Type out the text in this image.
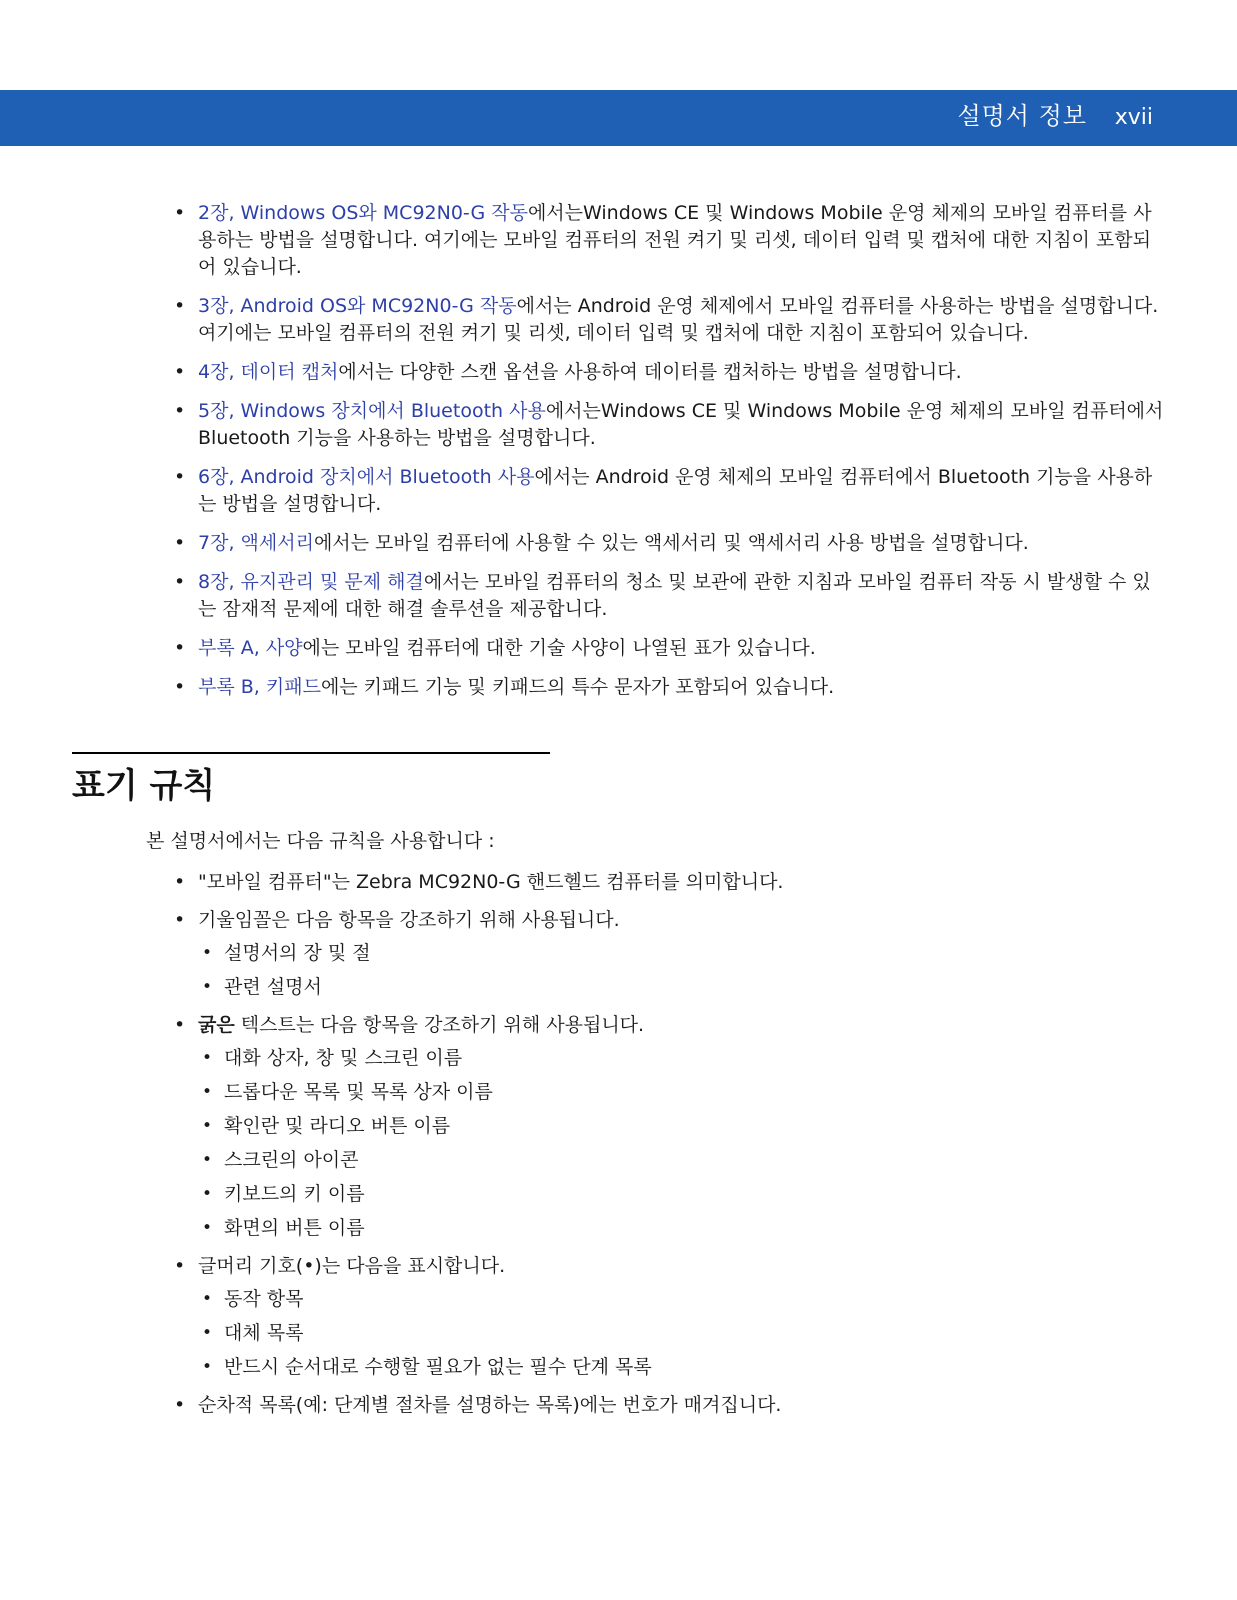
설명서 정보 xvii
• 2장, Windows OS와 MC92N0-G 작동에서는Windows CE 및 Windows Mobile 운영 체제의 모바일 컴퓨터를 사용하는 방법을 설명합니다. 여기에는 모바일 컴퓨터의 전원 켜기 및 리셋, 데이터 입력 및 캡처에 대한 지침이 포함되어 있습니다.
• 3장, Android OS와 MC92N0-G 작동에서는 Android 운영 체제에서 모바일 컴퓨터를 사용하는 방법을 설명합니다. 여기에는 모바일 컴퓨터의 전원 켜기 및 리셋, 데이터 입력 및 캡처에 대한 지침이 포함되어 있습니다.
• 4장, 데이터 캡처에서는 다양한 스캔 옵션을 사용하여 데이터를 캡처하는 방법을 설명합니다.
• 5장, Windows 장치에서 Bluetooth 사용에서는Windows CE 및 Windows Mobile 운영 체제의 모바일 컴퓨터에서 Bluetooth 기능을 사용하는 방법을 설명합니다.
• 6장, Android 장치에서 Bluetooth 사용에서는 Android 운영 체제의 모바일 컴퓨터에서 Bluetooth 기능을 사용하는 방법을 설명합니다.
• 7장, 액세서리에서는 모바일 컴퓨터에 사용할 수 있는 액세서리 및 액세서리 사용 방법을 설명합니다.
• 8장, 유지관리 및 문제 해결에서는 모바일 컴퓨터의 청소 및 보관에 관한 지침과 모바일 컴퓨터 작동 시 발생할 수 있는 잠재적 문제에 대한 해결 솔루션을 제공합니다.
• 부록 A, 사양에는 모바일 컴퓨터에 대한 기술 사양이 나열된 표가 있습니다.
• 부록 B, 키패드에는 키패드 기능 및 키패드의 특수 문자가 포함되어 있습니다.
표기 규칙

본 설명서에서는 다음 규칙을 사용합니다 :

• "모바일 컴퓨터"는 Zebra MC92N0-G 핸드헬드 컴퓨터를 의미합니다.
• 기울임꼴은 다음 항목을 강조하기 위해 사용됩니다.
• 설명서의 장 및 절
• 관련 설명서
• 굵은 텍스트는 다음 항목을 강조하기 위해 사용됩니다.
• 대화 상자, 창 및 스크린 이름
• 드롭다운 목록 및 목록 상자 이름
• 확인란 및 라디오 버튼 이름
• 스크린의 아이콘
• 키보드의 키 이름
• 화면의 버튼 이름
• 글머리 기호(•)는 다음을 표시합니다.
• 동작 항목
• 대체 목록
• 반드시 순서대로 수행할 필요가 없는 필수 단계 목록
• 순차적 목록(예: 단계별 절차를 설명하는 목록)에는 번호가 매겨집니다.
